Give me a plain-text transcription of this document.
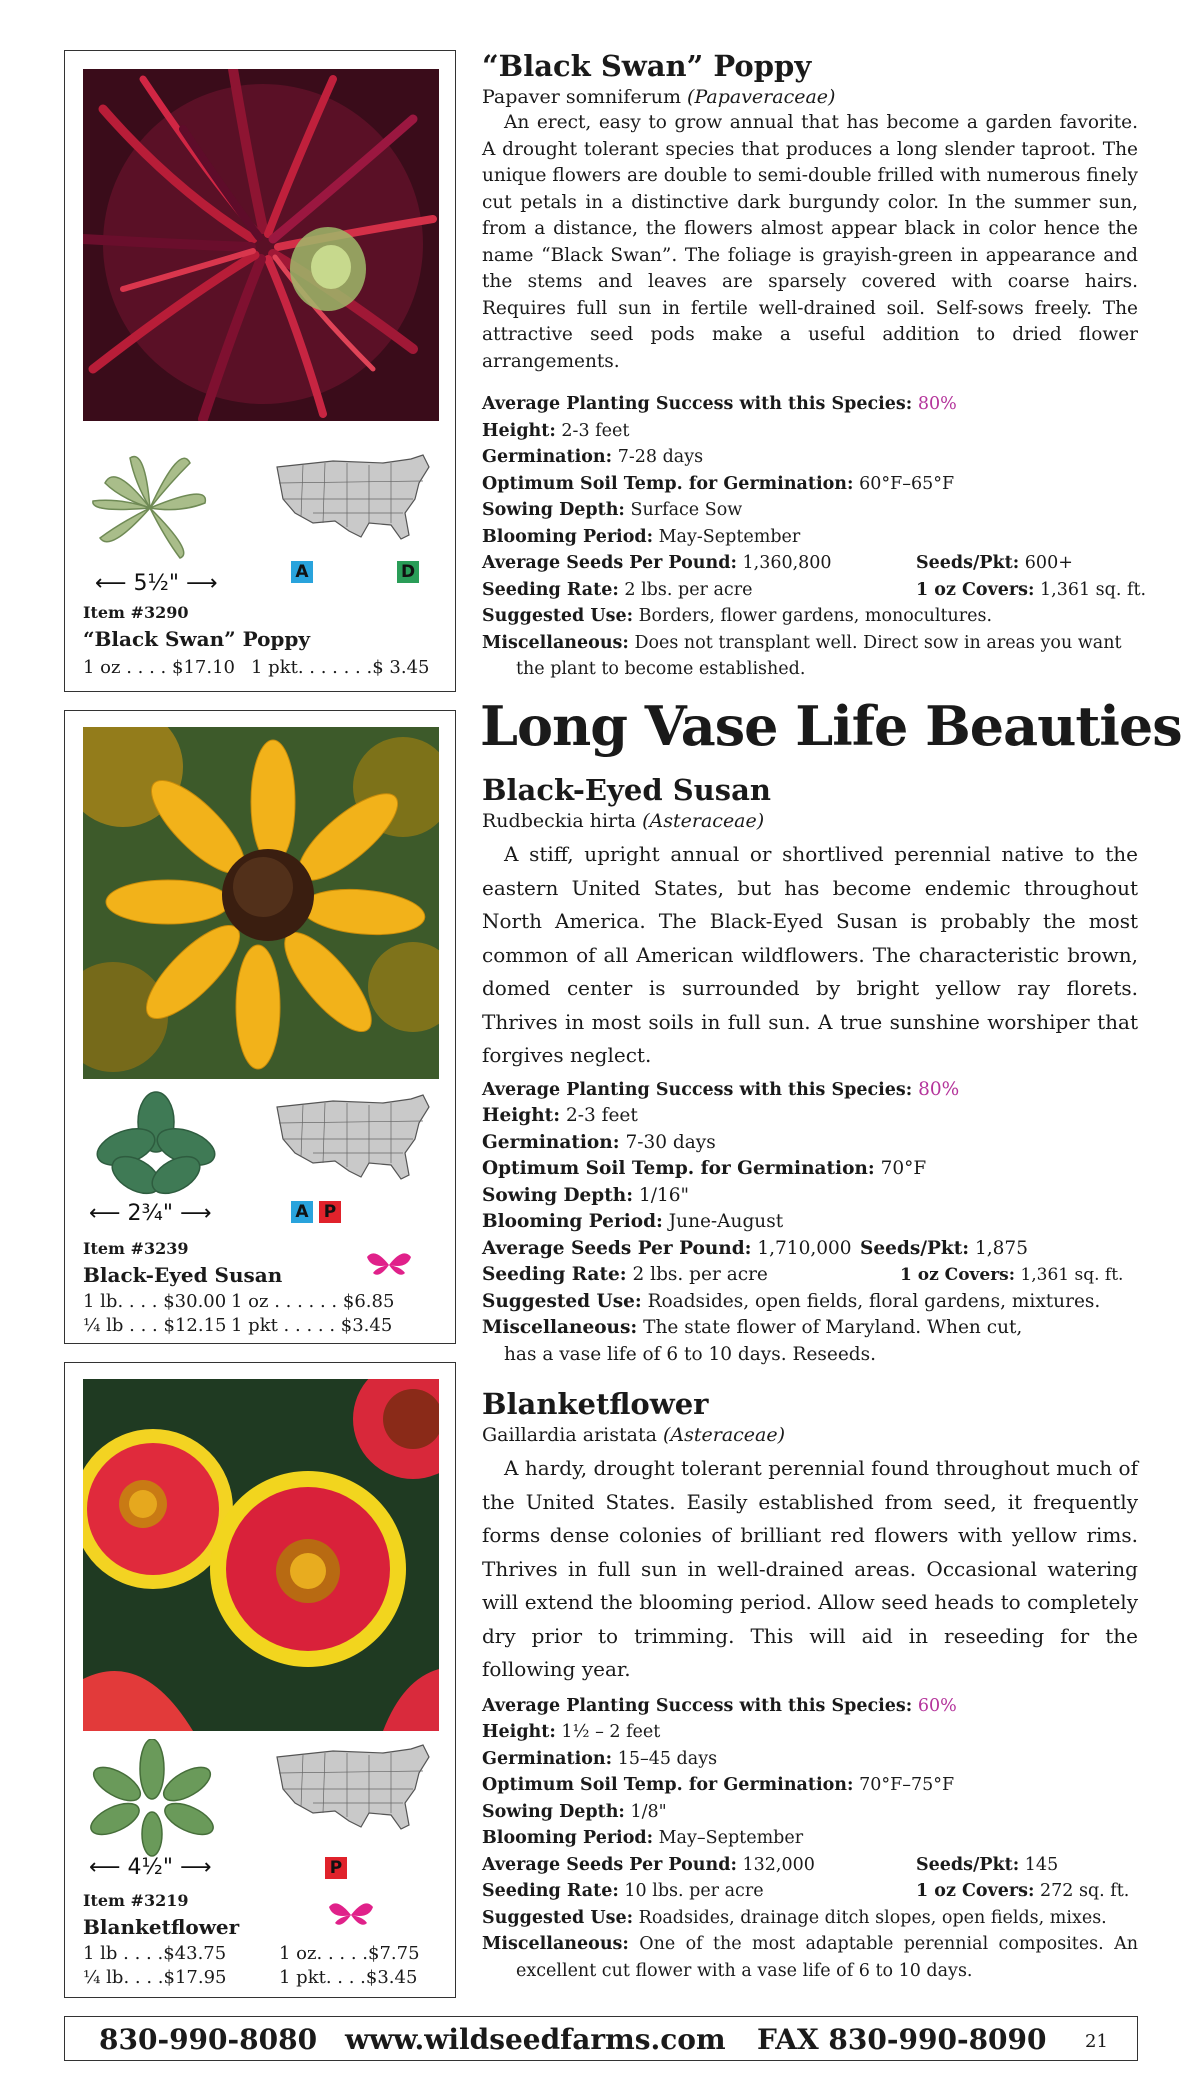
⟵ 5½" ⟶	A	D
Item #3290
“Black Swan” Poppy
1 oz . . . . $17.10 1 pkt. . . . . . .$ 3.45
“Black Swan” Poppy
Papaver somniferum (Papaveraceae)

An erect, easy to grow annual that has become a garden favorite. A drought tolerant species that produces a long slender taproot. The unique flowers are double to semi-double frilled with numerous finely cut petals in a distinctive dark burgundy color. In the summer sun, from a distance, the flowers almost appear black in color hence the name “Black Swan”. The foliage is grayish-green in appearance and the stems and leaves are sparsely covered with coarse hairs. Requires full sun in fertile well-drained soil. Self-sows freely. The attractive seed pods make a useful addition to dried flower arrangements.

Average Planting Success with this Species: 80%
Height: 2-3 feet
Germination: 7-28 days
Optimum Soil Temp. for Germination: 60°F–65°F
Sowing Depth: Surface Sow
Blooming Period: May-September
Average Seeds Per Pound: 1,360,800	Seeds/Pkt: 600+
Seeding Rate: 2 lbs. per acre	1 oz Covers: 1,361 sq. ft.
Suggested Use: Borders, flower gardens, monocultures.
Miscellaneous: Does not transplant well. Direct sow in areas you want the plant to become established.
Long Vase Life Beauties
⟵ 2¾" ⟶	A P
Item #3239
Black-Eyed Susan
1 lb. . . . $30.00 1 oz . . . . . . $6.85
¼ lb . . . $12.15 1 pkt . . . . . $3.45
Black-Eyed Susan
Rudbeckia hirta (Asteraceae)

A stiff, upright annual or shortlived perennial native to the eastern United States, but has become endemic throughout North America. The Black-Eyed Susan is probably the most common of all American wildflowers. The characteristic brown, domed center is surrounded by bright yellow ray florets. Thrives in most soils in full sun. A true sunshine worshiper that forgives neglect.

Average Planting Success with this Species: 80%
Height: 2-3 feet
Germination: 7-30 days
Optimum Soil Temp. for Germination: 70°F
Sowing Depth: 1/16"
Blooming Period: June-August
Average Seeds Per Pound: 1,710,000 Seeds/Pkt: 1,875
Seeding Rate: 2 lbs. per acre	1 oz Covers: 1,361 sq. ft.
Suggested Use: Roadsides, open fields, floral gardens, mixtures.
Miscellaneous: The state flower of Maryland. When cut, has a vase life of 6 to 10 days. Reseeds.
⟵ 4½" ⟶	P
Item #3219
Blanketflower
1 lb . . . .$43.75	1 oz. . . . .$7.75
¼ lb. . . .$17.95	1 pkt. . . .$3.45
Blanketflower
Gaillardia aristata (Asteraceae)

A hardy, drought tolerant perennial found throughout much of the United States. Easily established from seed, it frequently forms dense colonies of brilliant red flowers with yellow rims. Thrives in full sun in well-drained areas. Occasional watering will extend the blooming period. Allow seed heads to completely dry prior to trimming. This will aid in reseeding for the following year.

Average Planting Success with this Species: 60%
Height: 1½ – 2 feet
Germination: 15–45 days
Optimum Soil Temp. for Germination: 70°F–75°F
Sowing Depth: 1/8"
Blooming Period: May–September
Average Seeds Per Pound: 132,000	Seeds/Pkt: 145
Seeding Rate: 10 lbs. per acre	1 oz Covers: 272 sq. ft.
Suggested Use: Roadsides, drainage ditch slopes, open fields, mixes.
Miscellaneous: One of the most adaptable perennial composites. An excellent cut flower with a vase life of 6 to 10 days.
830-990-8080 www.wildseedfarms.com FAX 830-990-8090 21
